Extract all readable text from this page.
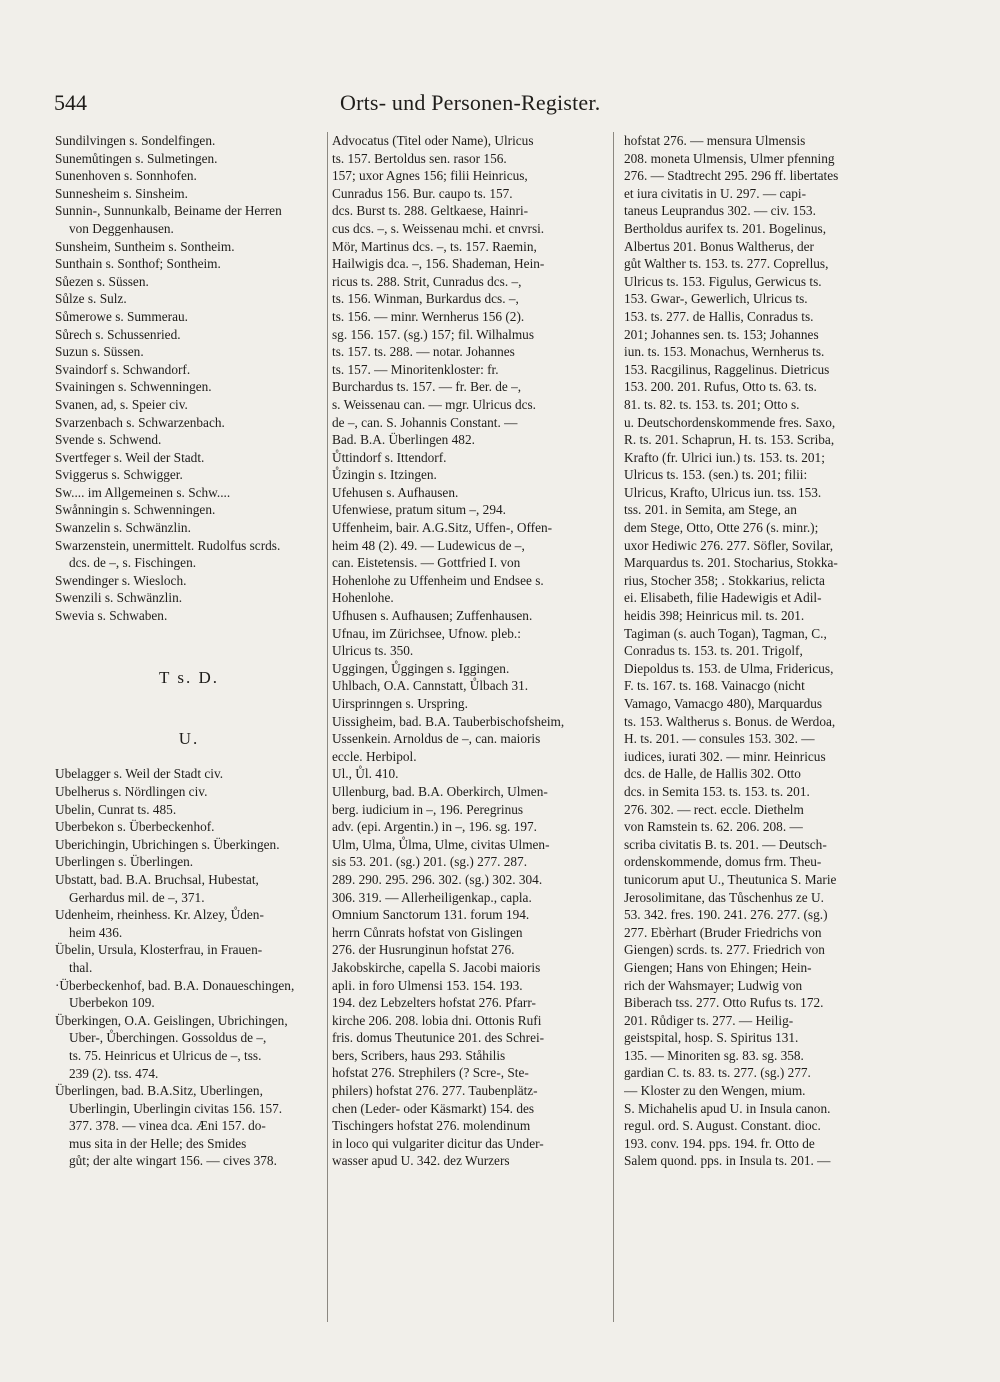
544	Orts- und Personen-Register.
Sundilvingen s. Sondelfingen.
Sunemůtingen s. Sulmetingen.
Sunenhoven s. Sonnhofen.
Sunnesheim s. Sinsheim.
Sunnin-, Sunnunkalb, Beiname der Herren
von Deggenhausen.
Sunsheim, Suntheim s. Sontheim.
Sunthain s. Sonthof; Sontheim.
Sůezen s. Süssen.
Sůlze s. Sulz.
Sůmerowe s. Summerau.
Sůrech s. Schussenried.
Suzun s. Süssen.
Svaindorf s. Schwandorf.
Svainingen s. Schwenningen.
Svanen, ad, s. Speier civ.
Svarzenbach s. Schwarzenbach.
Svende s. Schwend.
Svertfeger s. Weil der Stadt.
Sviggerus s. Schwigger.
Sw.... im Allgemeinen s. Schw....
Swånningin s. Schwenningen.
Swanzelin s. Schwänzlin.
Swarzenstein, unermittelt. Rudolfus scrds.
dcs. de –, s. Fischingen.
Swendinger s. Wiesloch.
Swenzili s. Schwänzlin.
Swevia s. Schwaben.
T s. D.
U.
Ubelagger s. Weil der Stadt civ.
Ubelherus s. Nördlingen civ.
Ubelin, Cunrat ts. 485.
Uberbekon s. Überbeckenhof.
Uberichingin, Ubrichingen s. Überkingen.
Uberlingen s. Überlingen.
Ubstatt, bad. B.A. Bruchsal, Hubestat,
Gerhardus mil. de –, 371.
Udenheim, rheinhess. Kr. Alzey, Ůden-
heim 436.
Übelin, Ursula, Klosterfrau, in Frauen-
thal.
·Überbeckenhof, bad. B.A. Donaueschingen,
Uberbekon 109.
Überkingen, O.A. Geislingen, Ubrichingen,
Uber-, Ůberchingen. Gossoldus de –,
ts. 75. Heinricus et Ulricus de –, tss.
239 (2). tss. 474.
Überlingen, bad. B.A.Sitz, Uberlingen,
Uberlingin, Uberlingin civitas 156. 157.
377. 378. — vinea dca. Æni 157. do-
mus sita in der Helle; des Smides
gůt; der alte wingart 156. — cives 378.
Advocatus (Titel oder Name), Ulricus
ts. 157. Bertoldus sen. rasor 156.
157; uxor Agnes 156; filii Heinricus,
Cunradus 156. Bur. caupo ts. 157.
dcs. Burst ts. 288. Geltkaese, Hainri-
cus dcs. –, s. Weissenau mchi. et cnvrsi.
Mör, Martinus dcs. –, ts. 157. Raemin,
Hailwigis dca. –, 156. Shademan, Hein-
ricus ts. 288. Strit, Cunradus dcs. –,
ts. 156. Winman, Burkardus dcs. –,
ts. 156. — minr. Wernherus 156 (2).
sg. 156. 157. (sg.) 157; fil. Wilhalmus
ts. 157. ts. 288. — notar. Johannes
ts. 157. — Minoritenkloster: fr.
Burchardus ts. 157. — fr. Ber. de –,
s. Weissenau can. — mgr. Ulricus dcs.
de –, can. S. Johannis Constant. —
Bad. B.A. Überlingen 482.
Ůttindorf s. Ittendorf.
Ůzingin s. Itzingen.
Ufehusen s. Aufhausen.
Ufenwiese, pratum situm –, 294.
Uffenheim, bair. A.G.Sitz, Uffen-, Offen-
heim 48 (2). 49. — Ludewicus de –,
can. Eistetensis. — Gottfried I. von
Hohenlohe zu Uffenheim und Endsee s.
Hohenlohe.
Ufhusen s. Aufhausen; Zuffenhausen.
Ufnau, im Zürichsee, Ufnow. pleb.:
Ulricus ts. 350.
Uggingen, Ůggingen s. Iggingen.
Uhlbach, O.A. Cannstatt, Ůlbach 31.
Uirsprinngen s. Urspring.
Uissigheim, bad. B.A. Tauberbischofsheim,
Ussenkein. Arnoldus de –, can. maioris
eccle. Herbipol.
Ul., Ůl. 410.
Ullenburg, bad. B.A. Oberkirch, Ulmen-
berg. iudicium in –, 196. Peregrinus
adv. (epi. Argentin.) in –, 196. sg. 197.
Ulm, Ulma, Ůlma, Ulme, civitas Ulmen-
sis 53. 201. (sg.) 201. (sg.) 277. 287.
289. 290. 295. 296. 302. (sg.) 302. 304.
306. 319. — Allerheiligenkap., capla.
Omnium Sanctorum 131. forum 194.
herrn Cůnrats hofstat von Gislingen
276. der Husrunginun hofstat 276.
Jakobskirche, capella S. Jacobi maioris
apli. in foro Ulmensi 153. 154. 193.
194. dez Lebzelters hofstat 276. Pfarr-
kirche 206. 208. lobia dni. Ottonis Rufi
fris. domus Theutunice 201. des Schrei-
bers, Scribers, haus 293. Ståhilis
hofstat 276. Strephilers (? Scre-, Ste-
philers) hofstat 276. 277. Taubenplätz-
chen (Leder- oder Käsmarkt) 154. des
Tischingers hofstat 276. molendinum
in loco qui vulgariter dicitur das Under-
wasser apud U. 342. dez Wurzers
hofstat 276. — mensura Ulmensis
208. moneta Ulmensis, Ulmer pfenning
276. — Stadtrecht 295. 296 ff. libertates
et iura civitatis in U. 297. — capi-
taneus Leuprandus 302. — civ. 153.
Bertholdus aurifex ts. 201. Bogelinus,
Albertus 201. Bonus Waltherus, der
gůt Walther ts. 153. ts. 277. Coprellus,
Ulricus ts. 153. Figulus, Gerwicus ts.
153. Gwar-, Gewerlich, Ulricus ts.
153. ts. 277. de Hallis, Conradus ts.
201; Johannes sen. ts. 153; Johannes
iun. ts. 153. Monachus, Wernherus ts.
153. Racgilinus, Raggelinus. Dietricus
153. 200. 201. Rufus, Otto ts. 63. ts.
81. ts. 82. ts. 153. ts. 201; Otto s.
u. Deutschordenskommende fres. Saxo,
R. ts. 201. Schaprun, H. ts. 153. Scriba,
Krafto (fr. Ulrici iun.) ts. 153. ts. 201;
Ulricus ts. 153. (sen.) ts. 201; filii:
Ulricus, Krafto, Ulricus iun. tss. 153.
tss. 201. in Semita, am Stege, an
dem Stege, Otto, Otte 276 (s. minr.);
uxor Hediwic 276. 277. Söfler, Sovilar,
Marquardus ts. 201. Stocharius, Stokka-
rius, Stocher 358; . Stokkarius, relicta
ei. Elisabeth, filie Hadewigis et Adil-
heidis 398; Heinricus mil. ts. 201.
Tagiman (s. auch Togan), Tagman, C.,
Conradus ts. 153. ts. 201. Trigolf,
Diepoldus ts. 153. de Ulma, Fridericus,
F. ts. 167. ts. 168. Vainacgo (nicht
Vamago, Vamacgo 480), Marquardus
ts. 153. Waltherus s. Bonus. de Werdoa,
H. ts. 201. — consules 153. 302. —
iudices, iurati 302. — minr. Heinricus
dcs. de Halle, de Hallis 302. Otto
dcs. in Semita 153. ts. 153. ts. 201.
276. 302. — rect. eccle. Diethelm
von Ramstein ts. 62. 206. 208. —
scriba civitatis B. ts. 201. — Deutsch-
ordenskommende, domus frm. Theu-
tunicorum aput U., Theutunica S. Marie
Jerosolimitane, das Tůschenhus ze U.
53. 342. fres. 190. 241. 276. 277. (sg.)
277. Ebèrhart (Bruder Friedrichs von
Giengen) scrds. ts. 277. Friedrich von
Giengen; Hans von Ehingen; Hein-
rich der Wahsmayer; Ludwig von
Biberach tss. 277. Otto Rufus ts. 172.
201. Růdiger ts. 277. — Heilig-
geistspital, hosp. S. Spiritus 131.
135. — Minoriten sg. 83. sg. 358.
gardian C. ts. 83. ts. 277. (sg.) 277.
— Kloster zu den Wengen, mium.
S. Michahelis apud U. in Insula canon.
regul. ord. S. August. Constant. dioc.
193. conv. 194. pps. 194. fr. Otto de
Salem quond. pps. in Insula ts. 201. —
